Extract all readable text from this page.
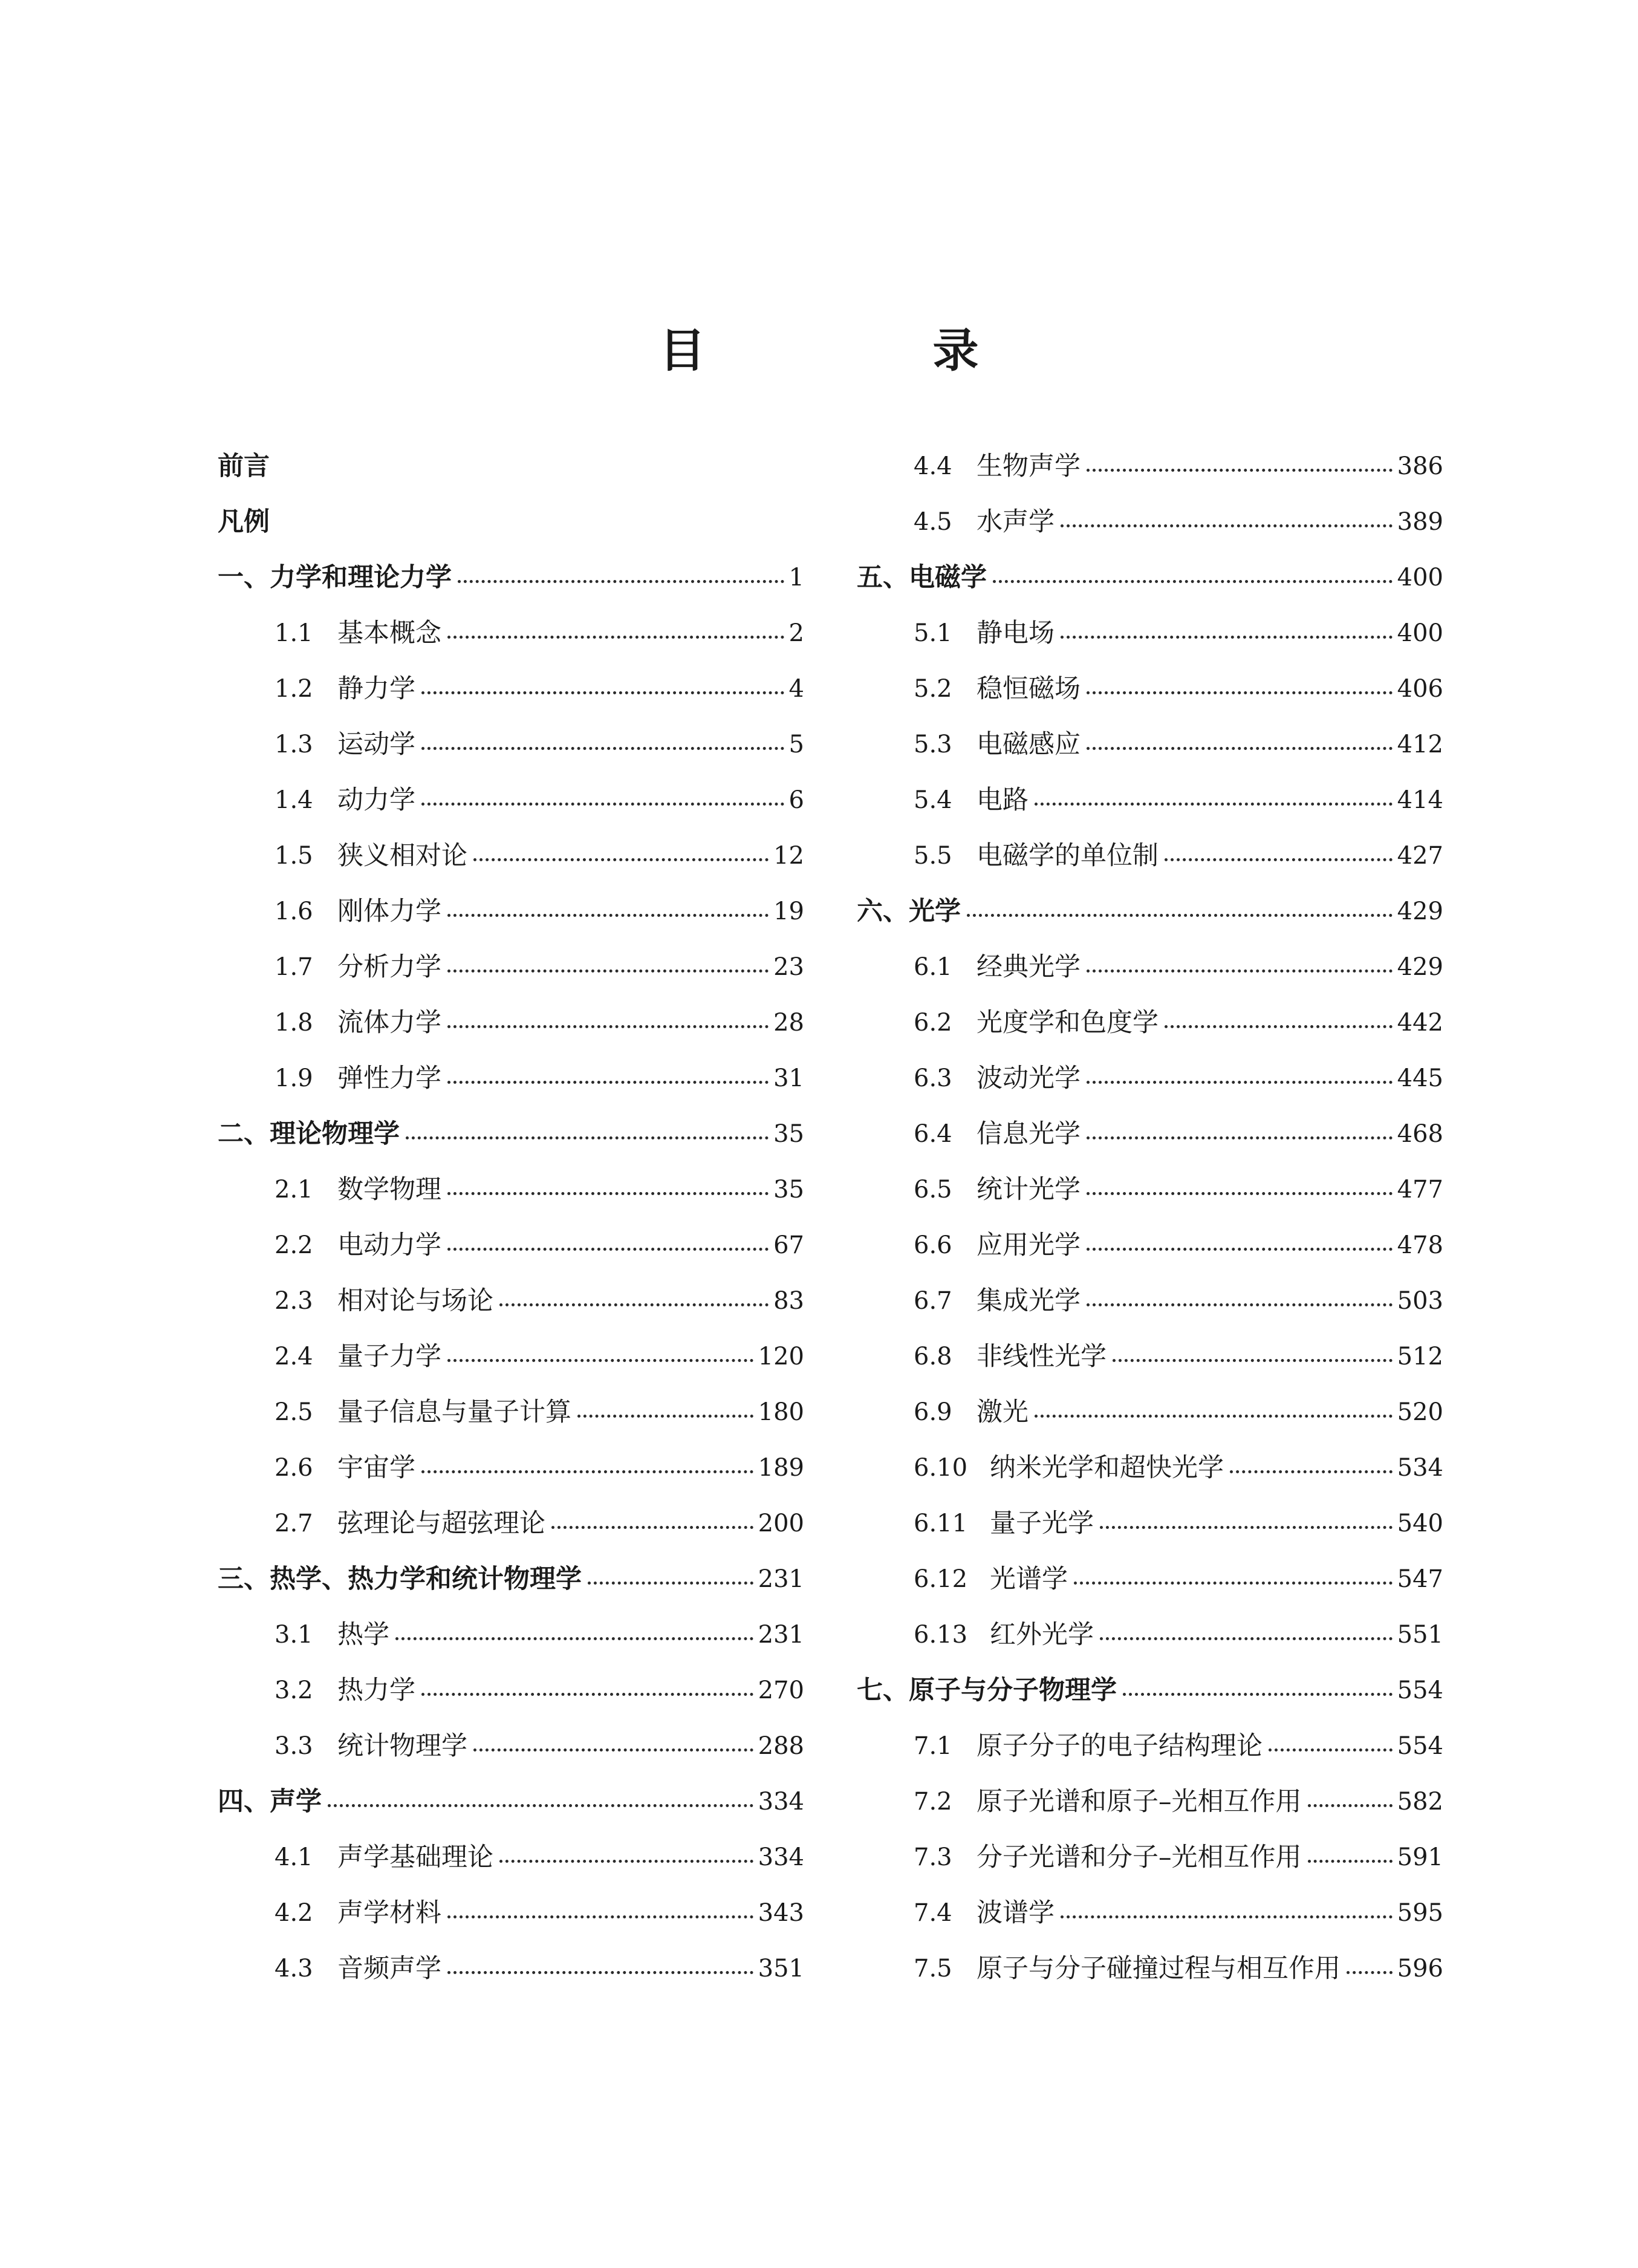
目　录
前言
凡例
一、力学和理论力学	1
1.1 基本概念	2
1.2 静力学	4
1.3 运动学	5
1.4 动力学	6
1.5 狭义相对论	12
1.6 刚体力学	19
1.7 分析力学	23
1.8 流体力学	28
1.9 弹性力学	31
二、理论物理学	35
2.1 数学物理	35
2.2 电动力学	67
2.3 相对论与场论	83
2.4 量子力学	120
2.5 量子信息与量子计算	180
2.6 宇宙学	189
2.7 弦理论与超弦理论	200
三、热学、热力学和统计物理学	231
3.1 热学	231
3.2 热力学	270
3.3 统计物理学	288
四、声学	334
4.1 声学基础理论	334
4.2 声学材料	343
4.3 音频声学	351
4.4 生物声学	386
4.5 水声学	389
五、电磁学	400
5.1 静电场	400
5.2 稳恒磁场	406
5.3 电磁感应	412
5.4 电路	414
5.5 电磁学的单位制	427
六、光学	429
6.1 经典光学	429
6.2 光度学和色度学	442
6.3 波动光学	445
6.4 信息光学	468
6.5 统计光学	477
6.6 应用光学	478
6.7 集成光学	503
6.8 非线性光学	512
6.9 激光	520
6.10 纳米光学和超快光学	534
6.11 量子光学	540
6.12 光谱学	547
6.13 红外光学	551
七、原子与分子物理学	554
7.1 原子分子的电子结构理论	554
7.2 原子光谱和原子–光相互作用	582
7.3 分子光谱和分子–光相互作用	591
7.4 波谱学	595
7.5 原子与分子碰撞过程与相互作用 596
